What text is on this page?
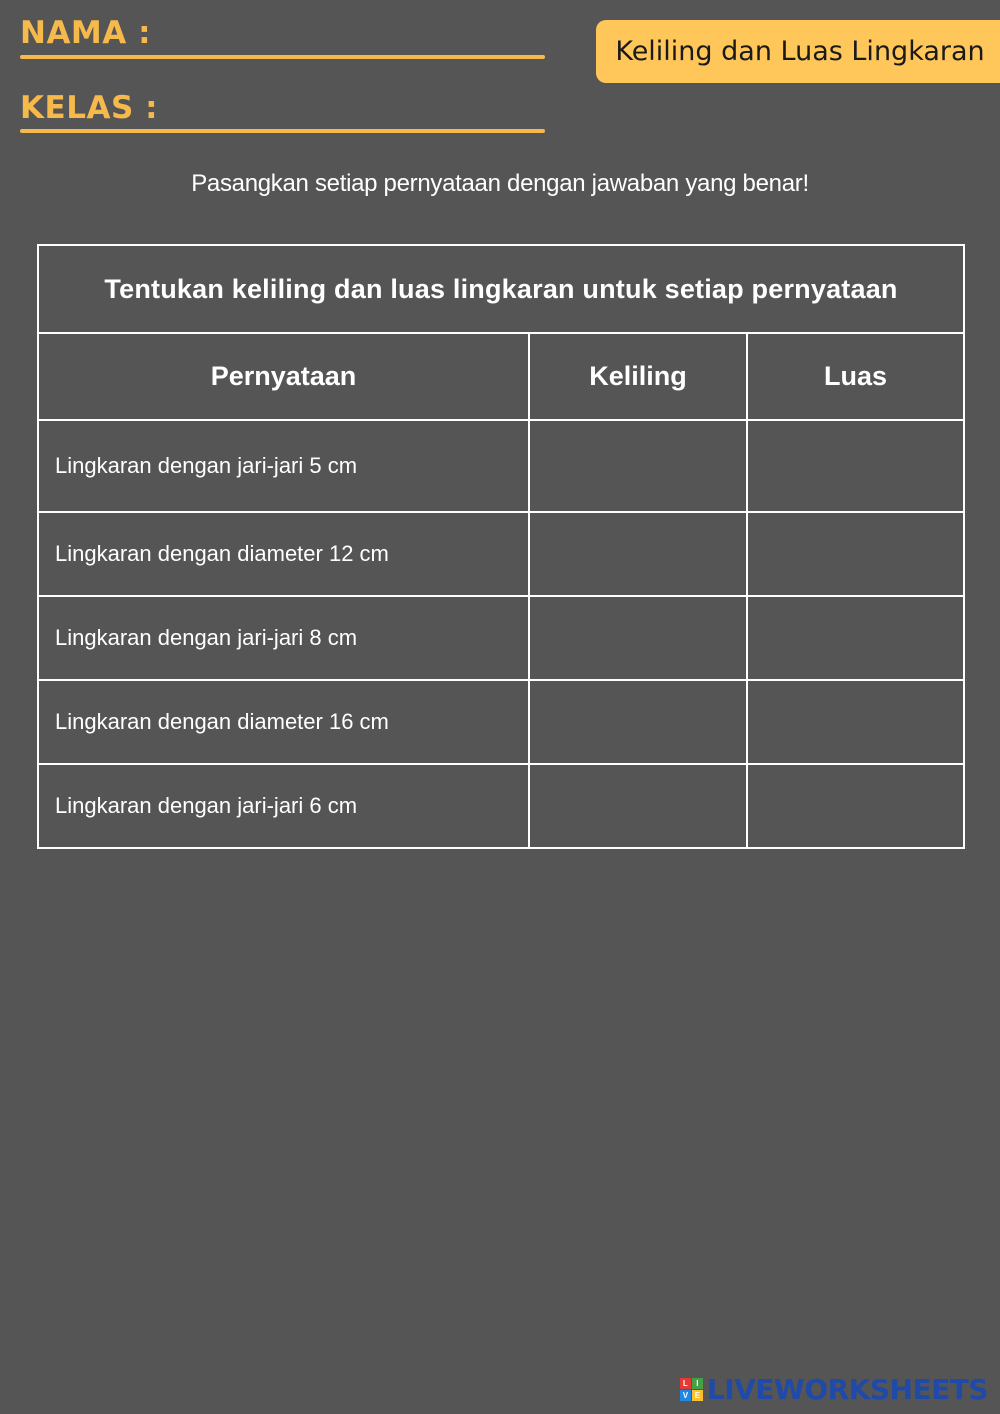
NAMA :
KELAS :
Keliling dan Luas Lingkaran
Pasangkan setiap pernyataan dengan jawaban yang benar!
Tentukan keliling dan luas lingkaran untuk setiap pernyataan		
Pernyataan	Keliling	Luas
Lingkaran dengan jari-jari 5 cm		
Lingkaran dengan diameter 12 cm		
Lingkaran dengan jari-jari 8 cm		
Lingkaran dengan diameter 16 cm		
Lingkaran dengan jari-jari 6 cm		
L	I
V E LIVEWORKSHEETS
